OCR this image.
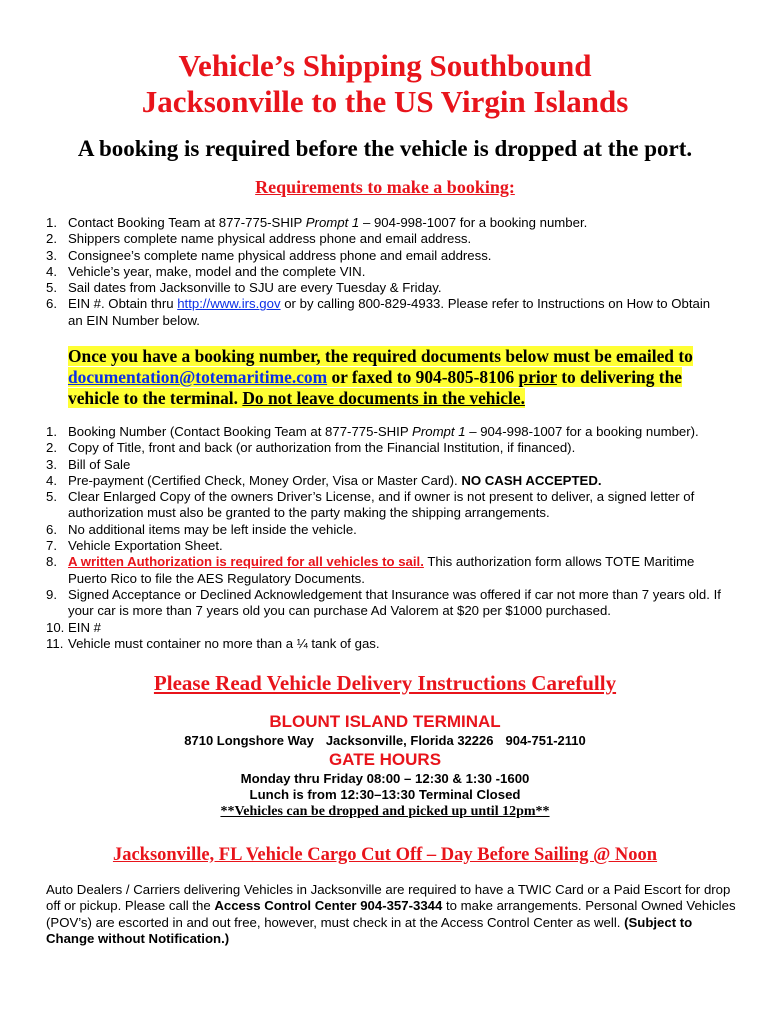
Vehicle’s Shipping Southbound
Jacksonville to the US Virgin Islands
A booking is required before the vehicle is dropped at the port.
Requirements to make a booking:
1. Contact Booking Team at 877-775-SHIP Prompt 1 – 904-998-1007 for a booking number.
2. Shippers complete name physical address phone and email address.
3. Consignee’s complete name physical address phone and email address.
4. Vehicle’s year, make, model and the complete VIN.
5. Sail dates from Jacksonville to SJU are every Tuesday & Friday.
6. EIN #. Obtain thru http://www.irs.gov or by calling 800-829-4933. Please refer to Instructions on How to Obtain an EIN Number below.
Once you have a booking number, the required documents below must be emailed to documentation@totemaritime.com or faxed to 904-805-8106 prior to delivering the vehicle to the terminal. Do not leave documents in the vehicle.
1. Booking Number (Contact Booking Team at 877-775-SHIP Prompt 1 – 904-998-1007 for a booking number).
2. Copy of Title, front and back (or authorization from the Financial Institution, if financed).
3. Bill of Sale
4. Pre-payment (Certified Check, Money Order, Visa or Master Card). NO CASH ACCEPTED.
5. Clear Enlarged Copy of the owners Driver’s License, and if owner is not present to deliver, a signed letter of authorization must also be granted to the party making the shipping arrangements.
6. No additional items may be left inside the vehicle.
7. Vehicle Exportation Sheet.
8. A written Authorization is required for all vehicles to sail. This authorization form allows TOTE Maritime Puerto Rico to file the AES Regulatory Documents.
9. Signed Acceptance or Declined Acknowledgement that Insurance was offered if car not more than 7 years old. If your car is more than 7 years old you can purchase Ad Valorem at $20 per $1000 purchased.
10. EIN #
11. Vehicle must container no more than a ¼ tank of gas.
Please Read Vehicle Delivery Instructions Carefully
BLOUNT ISLAND TERMINAL
8710 Longshore Way Jacksonville, Florida 32226 904-751-2110
GATE HOURS
Monday thru Friday 08:00 – 12:30 & 1:30 -1600
Lunch is from 12:30–13:30 Terminal Closed
**Vehicles can be dropped and picked up until 12pm**
Jacksonville, FL Vehicle Cargo Cut Off – Day Before Sailing @ Noon
Auto Dealers / Carriers delivering Vehicles in Jacksonville are required to have a TWIC Card or a Paid Escort for drop off or pickup. Please call the Access Control Center 904-357-3344 to make arrangements. Personal Owned Vehicles (POV’s) are escorted in and out free, however, must check in at the Access Control Center as well. (Subject to Change without Notification.)
